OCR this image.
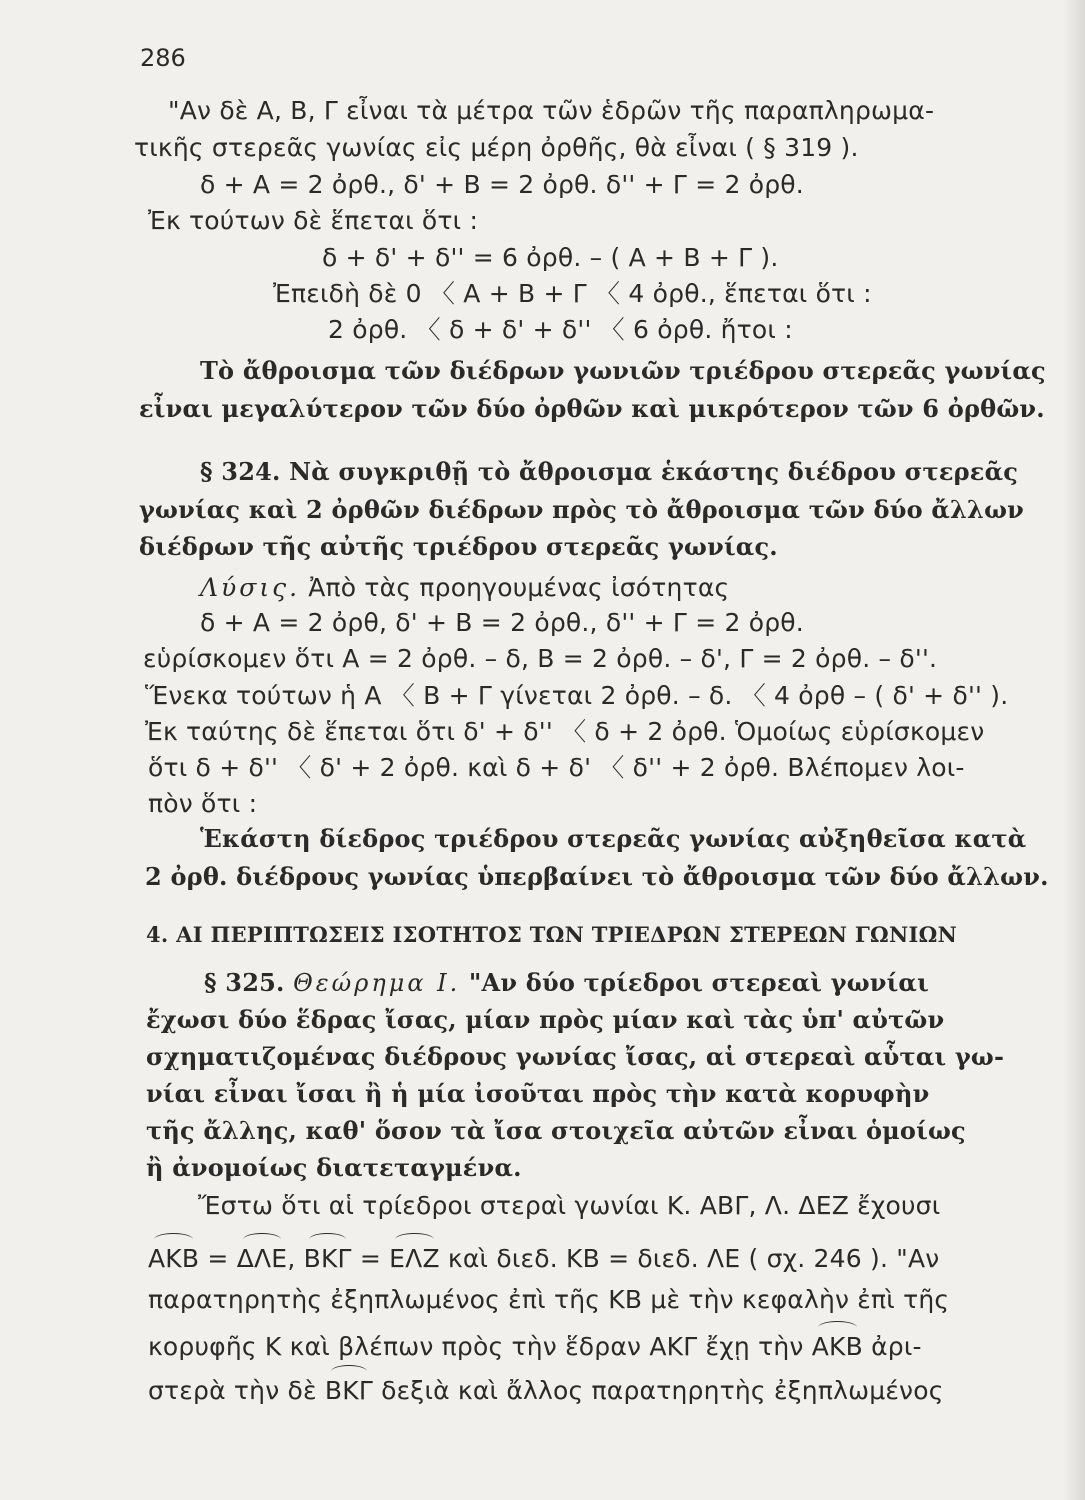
286
"Αν δὲ Α, Β, Γ εἶναι τὰ μέτρα τῶν ἑδρῶν τῆς παραπληρωμα-
τικῆς στερεᾶς γωνίας εἰς μέρη ὀρθῆς, θὰ εἶναι ( § 319 ).
δ + Α = 2 ὀρθ., δ' + Β = 2 ὀρθ. δ'' + Γ = 2 ὀρθ.
Ἐκ τούτων δὲ ἕπεται ὅτι :
δ + δ' + δ'' = 6 ὀρθ. – ( Α + Β + Γ ).
Ἐπειδὴ δὲ 0 〈 Α + Β + Γ 〈 4 ὀρθ., ἕπεται ὅτι :
2 ὀρθ. 〈 δ + δ' + δ'' 〈 6 ὀρθ. ἤτοι :
Τὸ ἄθροισμα τῶν διέδρων γωνιῶν τριέδρου στερεᾶς γωνίας
εἶναι μεγαλύτερον τῶν δύο ὀρθῶν καὶ μικρότερον τῶν 6 ὀρθῶν.
§ 324. Νὰ συγκριθῇ τὸ ἄθροισμα ἑκάστης διέδρου στερεᾶς
γωνίας καὶ 2 ὀρθῶν διέδρων πρὸς τὸ ἄθροισμα τῶν δύο ἄλλων
διέδρων τῆς αὐτῆς τριέδρου στερεᾶς γωνίας.
Λύσις. Ἀπὸ τὰς προηγουμένας ἰσότητας
δ + Α = 2 ὀρθ, δ' + Β = 2 ὀρθ., δ'' + Γ = 2 ὀρθ.
εὑρίσκομεν ὅτι Α = 2 ὀρθ. – δ, Β = 2 ὀρθ. – δ', Γ = 2 ὀρθ. – δ''.
Ἕνεκα τούτων ἡ Α 〈 Β + Γ γίνεται 2 ὀρθ. – δ. 〈 4 ὀρθ – ( δ' + δ'' ).
Ἐκ ταύτης δὲ ἕπεται ὅτι δ' + δ'' 〈 δ + 2 ὀρθ. Ὁμοίως εὑρίσκομεν
ὅτι δ + δ'' 〈 δ' + 2 ὀρθ. καὶ δ + δ' 〈 δ'' + 2 ὀρθ. Βλέπομεν λοι-
πὸν ὅτι :
Ἑκάστη δίεδρος τριέδρου στερεᾶς γωνίας αὐξηθεῖσα κατὰ
2 ὀρθ. διέδρους γωνίας ὑπερβαίνει τὸ ἄθροισμα τῶν δύο ἄλλων.
4. ΑΙ ΠΕΡΙΠΤΩΣΕΙΣ ΙΣΟΤΗΤΟΣ ΤΩΝ ΤΡΙΕΔΡΩΝ ΣΤΕΡΕΩΝ ΓΩΝΙΩΝ
§ 325. Θεώρημα Ι. "Αν δύο τρίεδροι στερεαὶ γωνίαι
ἔχωσι δύο ἕδρας ἴσας, μίαν πρὸς μίαν καὶ τὰς ὑπ' αὐτῶν
σχηματιζομένας διέδρους γωνίας ἴσας, αἱ στερεαὶ αὗται γω-
νίαι εἶναι ἴσαι ἢ ἡ μία ἰσοῦται πρὸς τὴν κατὰ κορυφὴν
τῆς ἄλλης, καθ' ὅσον τὰ ἴσα στοιχεῖα αὐτῶν εἶναι ὁμοίως
ἢ ἀνομοίως διατεταγμένα.
Ἔστω ὅτι αἱ τρίεδροι στεραὶ γωνίαι Κ. ΑΒΓ, Λ. ΔΕΖ ἔχουσι
ΑΚΒ = ΔΛΕ, ΒΚΓ = ΕΛΖ καὶ διεδ. ΚΒ = διεδ. ΛΕ ( σχ. 246 ). "Αν
παρατηρητὴς ἐξηπλωμένος ἐπὶ τῆς ΚΒ μὲ τὴν κεφαλὴν ἐπὶ τῆς
κορυφῆς Κ καὶ βλέπων πρὸς τὴν ἕδραν ΑΚΓ ἔχῃ τὴν ΑΚΒ ἀρι-
στερὰ τὴν δὲ ΒΚΓ δεξιὰ καὶ ἄλλος παρατηρητὴς ἐξηπλωμένος
